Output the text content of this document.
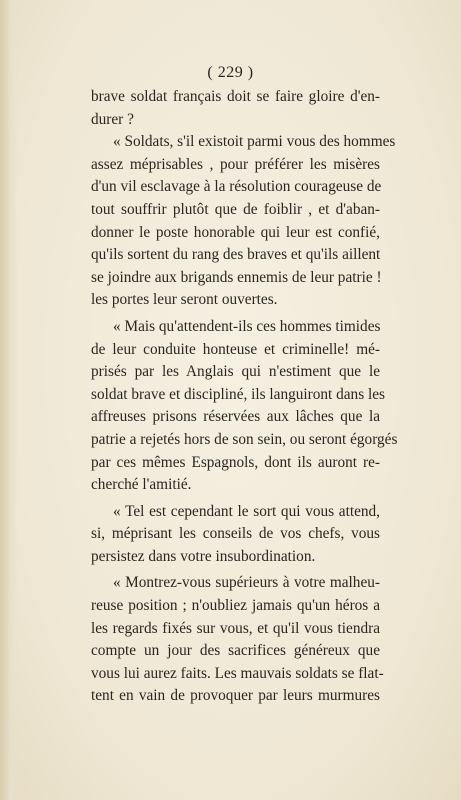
( 229 )
brave soldat français doit se faire gloire d'en-
durer ?
« Soldats, s'il existoit parmi vous des hommes
assez méprisables , pour préférer les misères
d'un vil esclavage à la résolution courageuse de
tout souffrir plutôt que de foiblir , et d'aban-
donner le poste honorable qui leur est confié,
qu'ils sortent du rang des braves et qu'ils aillent
se joindre aux brigands ennemis de leur patrie !
les portes leur seront ouvertes.
« Mais qu'attendent-ils ces hommes timides
de leur conduite honteuse et criminelle! mé-
prisés par les Anglais qui n'estiment que le
soldat brave et discipliné, ils languiront dans les
affreuses prisons réservées aux lâches que la
patrie a rejetés hors de son sein, ou seront égorgés
par ces mêmes Espagnols, dont ils auront re-
cherché l'amitié.
« Tel est cependant le sort qui vous attend,
si, méprisant les conseils de vos chefs, vous
persistez dans votre insubordination.
« Montrez-vous supérieurs à votre malheu-
reuse position ; n'oubliez jamais qu'un héros a
les regards fixés sur vous, et qu'il vous tiendra
compte un jour des sacrifices généreux que
vous lui aurez faits. Les mauvais soldats se flat-
tent en vain de provoquer par leurs murmures
